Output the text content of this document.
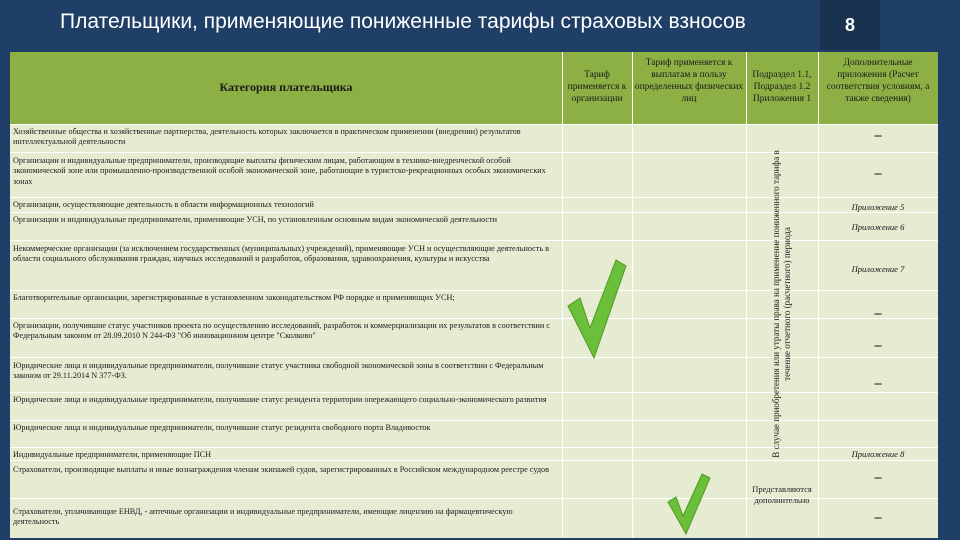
Плательщики, применяющие пониженные тарифы страховых взносов	8
Категория плательщика
Тариф применяется к организации
Тариф применяется к выплатам в пользу определенных физических лиц
Подраздел 1.1, Подраздел 1.2 Приложения 1
Дополнительные приложения (Расчет соответствия условиям, а также сведения)
Хозяйственные общества и хозяйственные партнерства, деятельность которых заключается в практическом применении (внедрении) результатов интеллектуальной деятельности
Организации и индивидуальные предприниматели, производящие выплаты физическим лицам, работающим в технико-внедренческой особой экономической зоне или промышленно-производственной особой экономической зоне, работающие в туристско-рекреационных особых экономических зонах
Организации, осуществляющие деятельность в области информационных технологий
Организации и индивидуальные предприниматели, применяющие УСН, по установленным основным видам экономической деятельности
Некоммерческие организации (за исключением государственных (муниципальных) учреждений), применяющие УСН и осуществляющие деятельность в области социального обслуживания граждан, научных исследований и разработок, образования, здравоохранения, культуры и искусства
Благотворительные организации, зарегистрированные в установленном законодательством РФ порядке и применяющих УСН;
Организации, получившие статус участников проекта по осуществлению исследований, разработок и коммерциализации их результатов в соответствии с Федеральным законом от 28.09.2010 N 244-ФЗ "Об инновационном центре "Сколково"
Юридические лица и индивидуальные предприниматели, получившие статус участника свободной экономической зоны в соответствии с Федеральным законом от 29.11.2014 N 377-ФЗ.
Юридические лица и индивидуальные предприниматели, получившие статус резидента территории опережающего социально-экономического развития
Юридические лица и индивидуальные предприниматели, получившие статус резидента свободного порта Владивосток
Индивидуальные предприниматели, применяющие ПСН
Страхователи, производящие выплаты и иные вознаграждения членам экипажей судов, зарегистрированных в Российском международном реестре судов
Страхователи, уплачивающие ЕНВД, - аптечные организации и индивидуальные предприниматели, имеющие лицензию на фармацевтическую деятельность
–
–
Приложение 5
Приложение 6
Приложение 7
–
–
–
Приложение 8
–
–
В случае приобретения или утраты права на применение пониженного тарифа в течение отчетного (расчетного) периода
Представляются дополнительно
